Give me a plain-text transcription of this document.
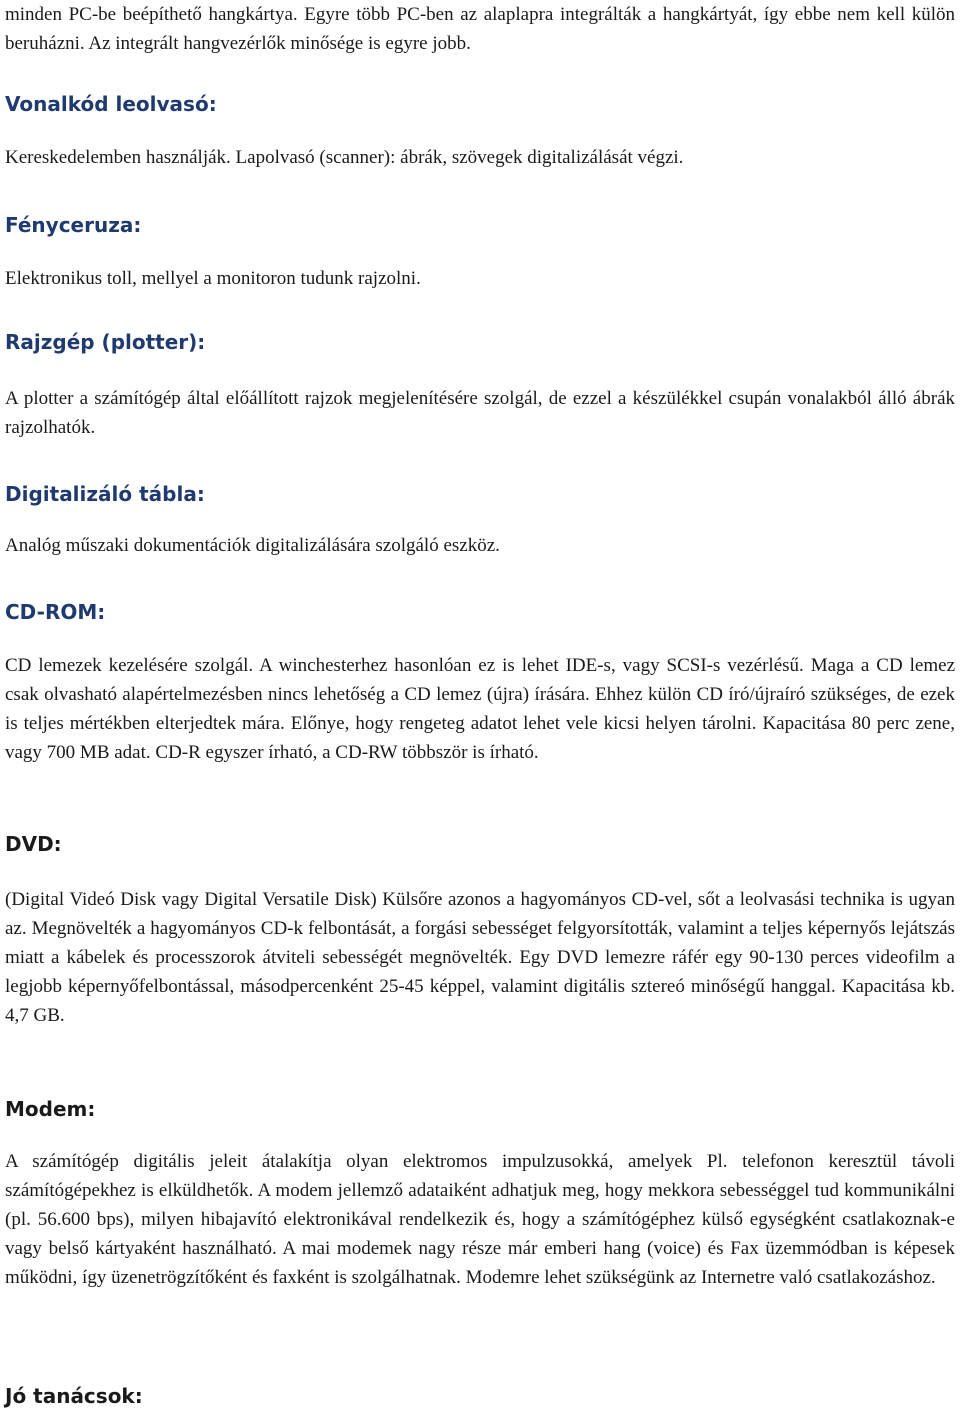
minden PC-be beépíthető hangkártya. Egyre több PC-ben az alaplapra integrálták a hangkártyát, így ebbe nem kell külön beruházni. Az integrált hangvezérlők minősége is egyre jobb.

Vonalkód leolvasó:

Kereskedelemben használják. Lapolvasó (scanner): ábrák, szövegek digitalizálását végzi.

Fényceruza:

Elektronikus toll, mellyel a monitoron tudunk rajzolni.

Rajzgép (plotter):

A plotter a számítógép által előállított rajzok megjelenítésére szolgál, de ezzel a készülékkel csupán vonalakból álló ábrák rajzolhatók.

Digitalizáló tábla:

Analóg műszaki dokumentációk digitalizálására szolgáló eszköz.

CD-ROM:

CD lemezek kezelésére szolgál. A winchesterhez hasonlóan ez is lehet IDE-s, vagy SCSI-s vezérlésű. Maga a CD lemez csak olvasható alapértelmezésben nincs lehetőség a CD lemez (újra) írására. Ehhez külön CD író/újraíró szükséges, de ezek is teljes mértékben elterjedtek mára. Előnye, hogy rengeteg adatot lehet vele kicsi helyen tárolni. Kapacitása 80 perc zene, vagy 700 MB adat. CD-R egyszer írható, a CD-RW többször is írható.

DVD:

(Digital Videó Disk vagy Digital Versatile Disk) Külsőre azonos a hagyományos CD-vel, sőt a leolvasási technika is ugyan az. Megnövelték a hagyományos CD-k felbontását, a forgási sebességet felgyorsították, valamint a teljes képernyős lejátszás miatt a kábelek és processzorok átviteli sebességét megnövelték. Egy DVD lemezre ráfér egy 90-130 perces videofilm a legjobb képernyőfelbontással, másodpercenként 25-45 képpel, valamint digitális sztereó minőségű hanggal. Kapacitása kb. 4,7 GB.

Modem:

A számítógép digitális jeleit átalakítja olyan elektromos impulzusokká, amelyek Pl. telefonon keresztül távoli számítógépekhez is elküldhetők. A modem jellemző adataiként adhatjuk meg, hogy mekkora sebességgel tud kommunikálni (pl. 56.600 bps), milyen hibajavító elektronikával rendelkezik és, hogy a számítógéphez külső egységként csatlakoznak-e vagy belső kártyaként használható. A mai modemek nagy része már emberi hang (voice) és Fax üzemmódban is képesek működni, így üzenetrögzítőként és faxként is szolgálhatnak. Modemre lehet szükségünk az Internetre való csatlakozáshoz.

Jó tanácsok:
